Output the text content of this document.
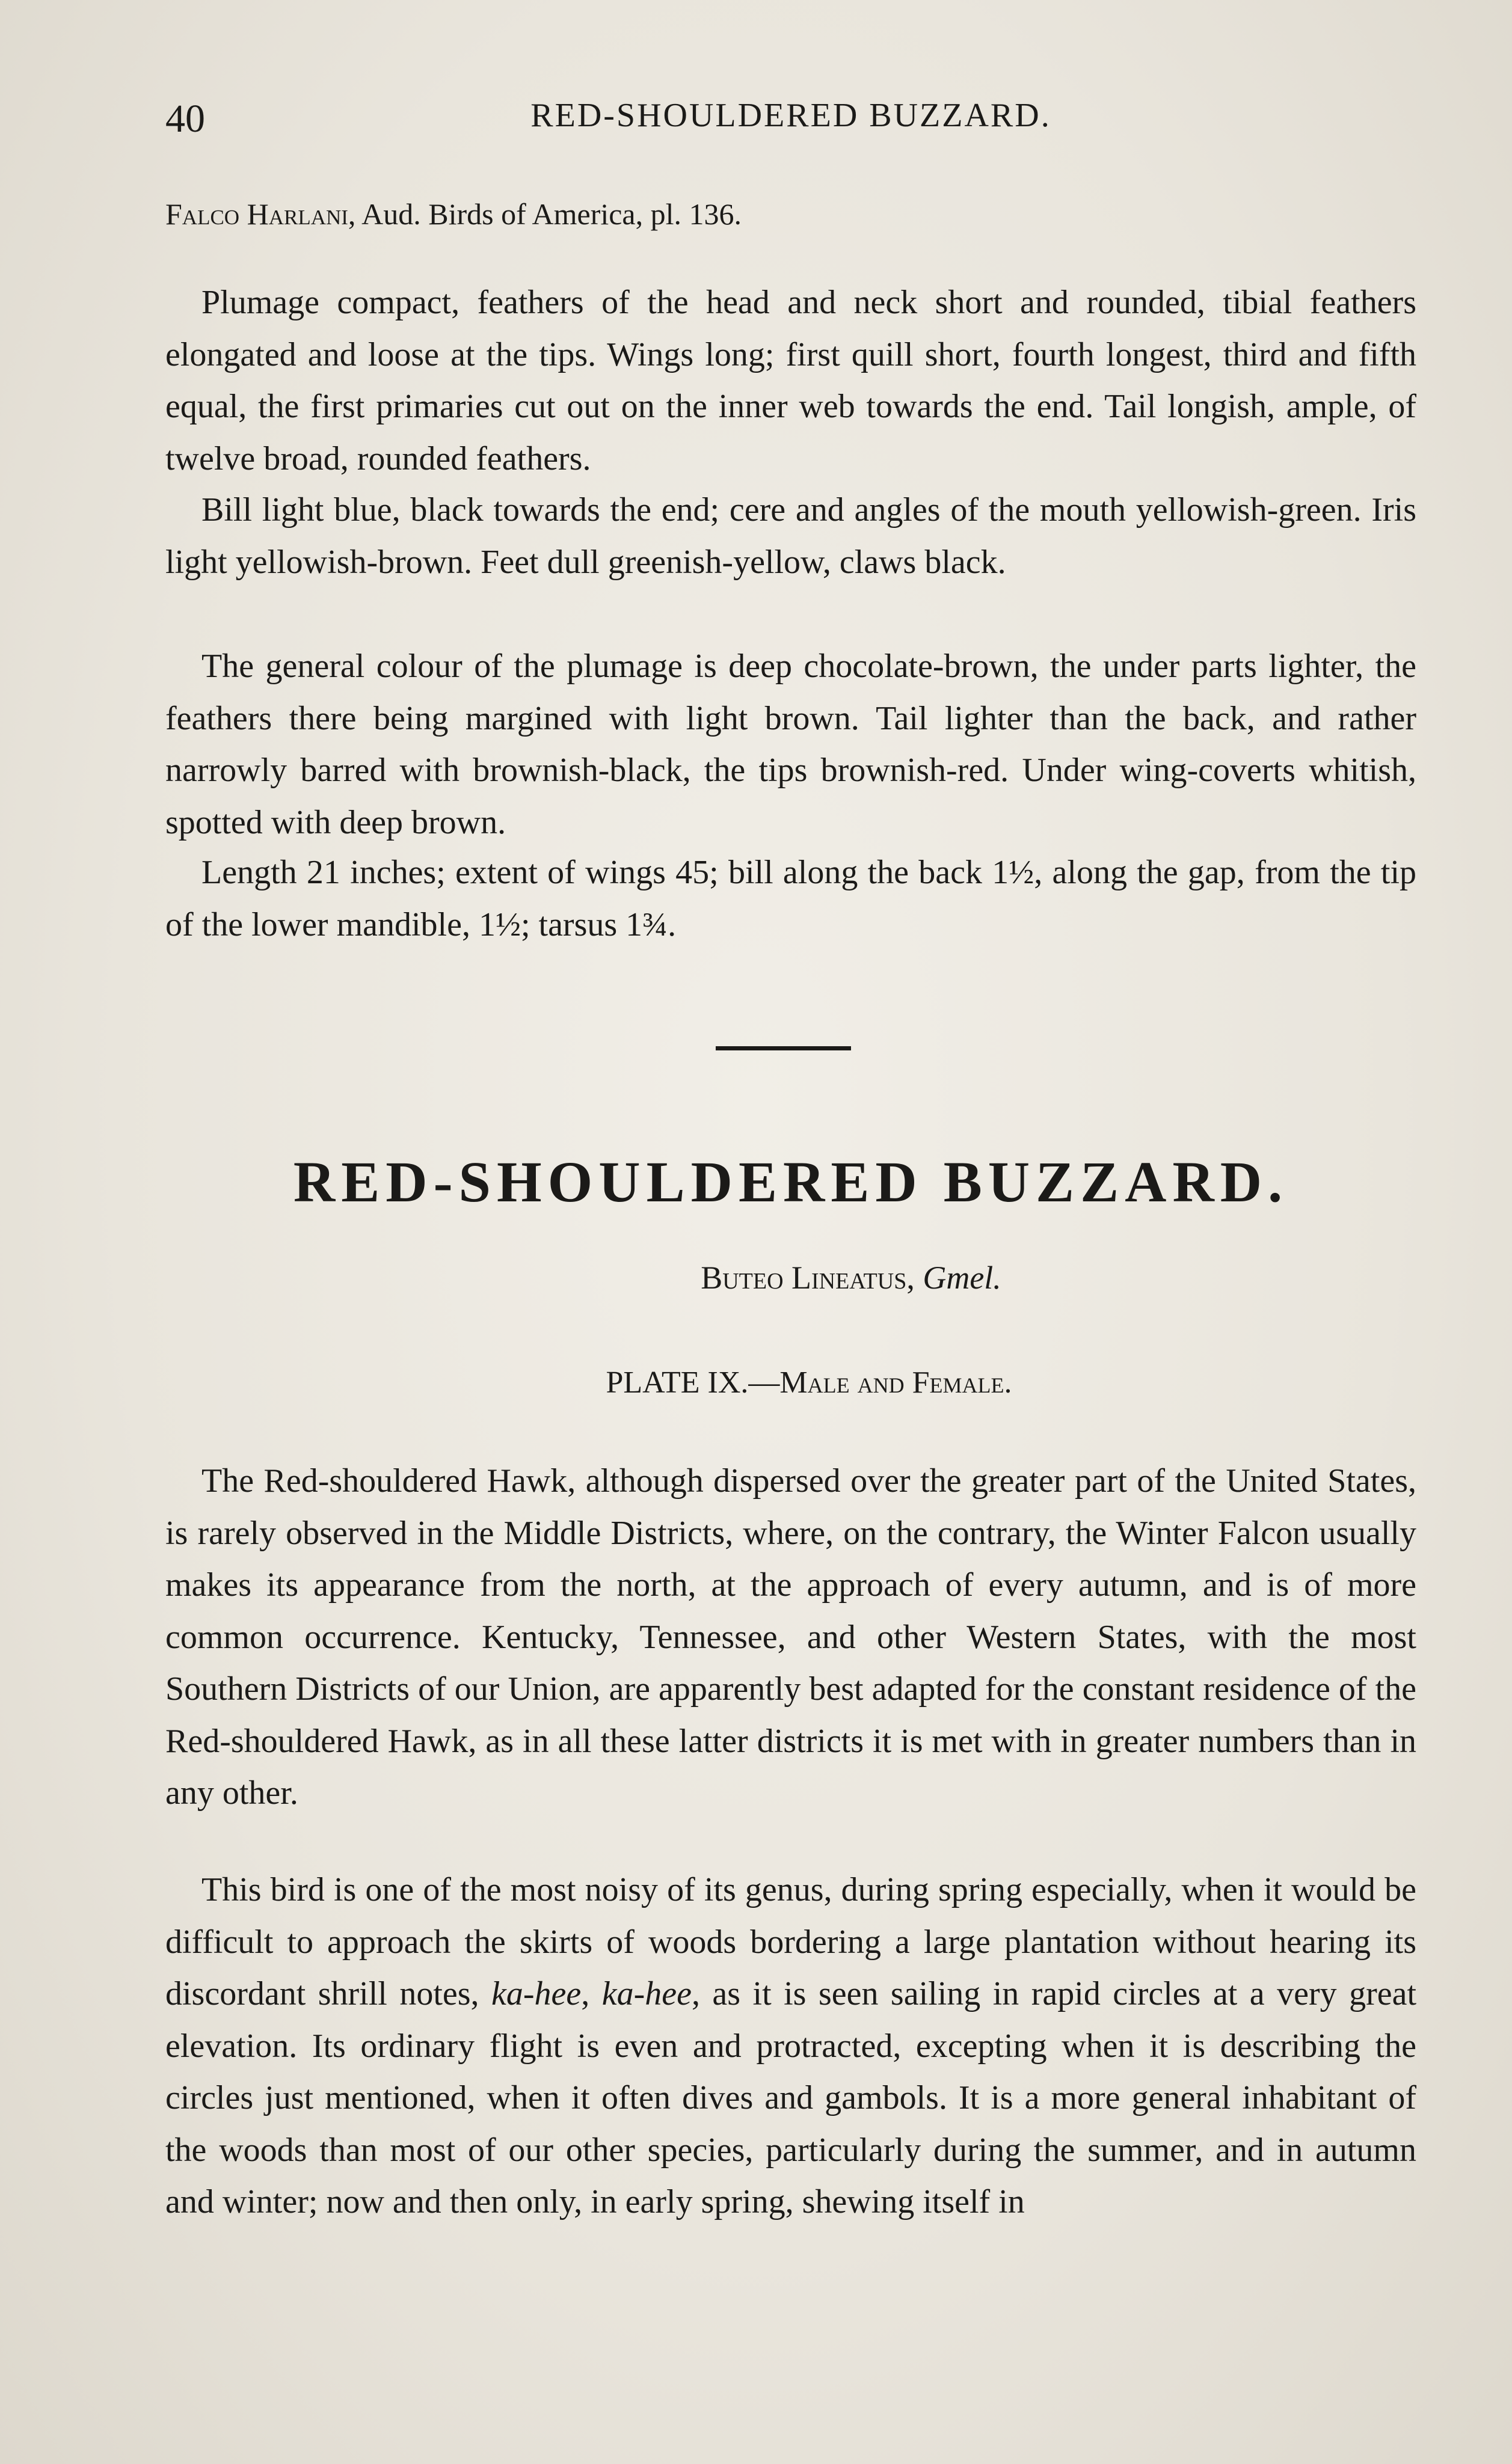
40	RED-SHOULDERED BUZZARD.
Falco Harlani, Aud. Birds of America, pl. 136.

Plumage compact, feathers of the head and neck short and rounded, tibial feathers elongated and loose at the tips. Wings long; first quill short, fourth longest, third and fifth equal, the first primaries cut out on the inner web towards the end. Tail longish, ample, of twelve broad, rounded feathers.

Bill light blue, black towards the end; cere and angles of the mouth yellowish-green. Iris light yellowish-brown. Feet dull greenish-yellow, claws black.

The general colour of the plumage is deep chocolate-brown, the under parts lighter, the feathers there being margined with light brown. Tail lighter than the back, and rather narrowly barred with brownish-black, the tips brownish-red. Under wing-coverts whitish, spotted with deep brown.

Length 21 inches; extent of wings 45; bill along the back 1½, along the gap, from the tip of the lower mandible, 1½; tarsus 1¾.

RED-SHOULDERED BUZZARD.
Buteo Lineatus, Gmel.
PLATE IX.—Male and Female.

The Red-shouldered Hawk, although dispersed over the greater part of the United States, is rarely observed in the Middle Districts, where, on the contrary, the Winter Falcon usually makes its appearance from the north, at the approach of every autumn, and is of more common occurrence. Kentucky, Tennessee, and other Western States, with the most Southern Districts of our Union, are apparently best adapted for the constant residence of the Red-shouldered Hawk, as in all these latter districts it is met with in greater numbers than in any other.

This bird is one of the most noisy of its genus, during spring especially, when it would be difficult to approach the skirts of woods bordering a large plantation without hearing its discordant shrill notes, ka-hee, ka-hee, as it is seen sailing in rapid circles at a very great elevation. Its ordinary flight is even and protracted, excepting when it is describing the circles just mentioned, when it often dives and gambols. It is a more general inhabitant of the woods than most of our other species, particularly during the summer, and in autumn and winter; now and then only, in early spring, shewing itself in
